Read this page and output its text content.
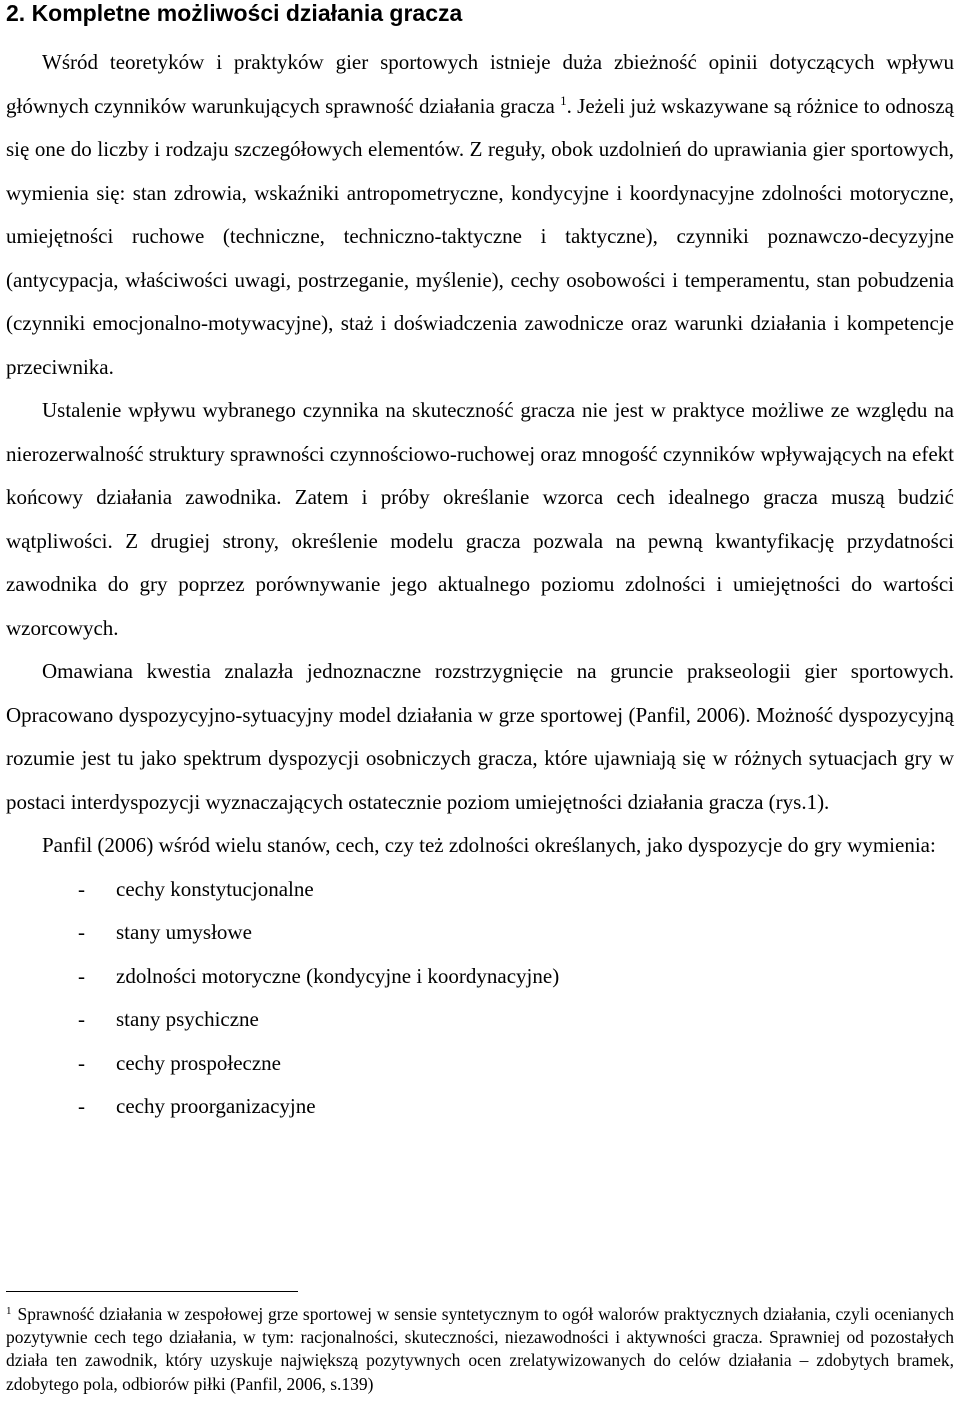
2. Kompletne możliwości działania gracza

Wśród teoretyków i praktyków gier sportowych istnieje duża zbieżność opinii dotyczących wpływu głównych czynników warunkujących sprawność działania gracza $^1$. Jeżeli już wskazywane są różnice to odnoszą się one do liczby i rodzaju szczegółowych elementów. Z reguły, obok uzdolnień do uprawiania gier sportowych, wymienia się: stan zdrowia, wskaźniki antropometryczne, kondycyjne i koordynacyjne zdolności motoryczne, umiejętności ruchowe (techniczne, techniczno-taktyczne i taktyczne), czynniki poznawczo-decyzyjne (antycypacja, właściwości uwagi, postrzeganie, myślenie), cechy osobowości i temperamentu, stan pobudzenia (czynniki emocjonalno-motywacyjne), staż i doświadczenia zawodnicze oraz warunki działania i kompetencje przeciwnika.

Ustalenie wpływu wybranego czynnika na skuteczność gracza nie jest w praktyce możliwe ze względu na nierozerwalność struktury sprawności czynnościowo-ruchowej oraz mnogość czynników wpływających na efekt końcowy działania zawodnika. Zatem i próby określanie wzorca cech idealnego gracza muszą budzić wątpliwości. Z drugiej strony, określenie modelu gracza pozwala na pewną kwantyfikację przydatności zawodnika do gry poprzez porównywanie jego aktualnego poziomu zdolności i umiejętności do wartości wzorcowych.

Omawiana kwestia znalazła jednoznaczne rozstrzygnięcie na gruncie prakseologii gier sportowych. Opracowano dyspozycyjno-sytuacyjny model działania w grze sportowej (Panfil, 2006). Możność dyspozycyjną rozumie jest tu jako spektrum dyspozycji osobniczych gracza, które ujawniają się w różnych sytuacjach gry w postaci interdyspozycji wyznaczających ostatecznie poziom umiejętności działania gracza (rys.1).

Panfil (2006) wśród wielu stanów, cech, czy też zdolności określanych, jako dyspozycje do gry wymienia:

- cechy konstytucjonalne
- stany umysłowe
- zdolności motoryczne (kondycyjne i koordynacyjne)
- stany psychiczne
- cechy prospołeczne
- cechy proorganizacyjne
$^1$ Sprawność działania w zespołowej grze sportowej w sensie syntetycznym to ogół walorów praktycznych działania, czyli ocenianych pozytywnie cech tego działania, w tym: racjonalności, skuteczności, niezawodności i aktywności gracza. Sprawniej od pozostałych działa ten zawodnik, który uzyskuje największą pozytywnych ocen zrelatywizowanych do celów działania – zdobytych bramek, zdobytego pola, odbiorów piłki (Panfil, 2006, s.139)
